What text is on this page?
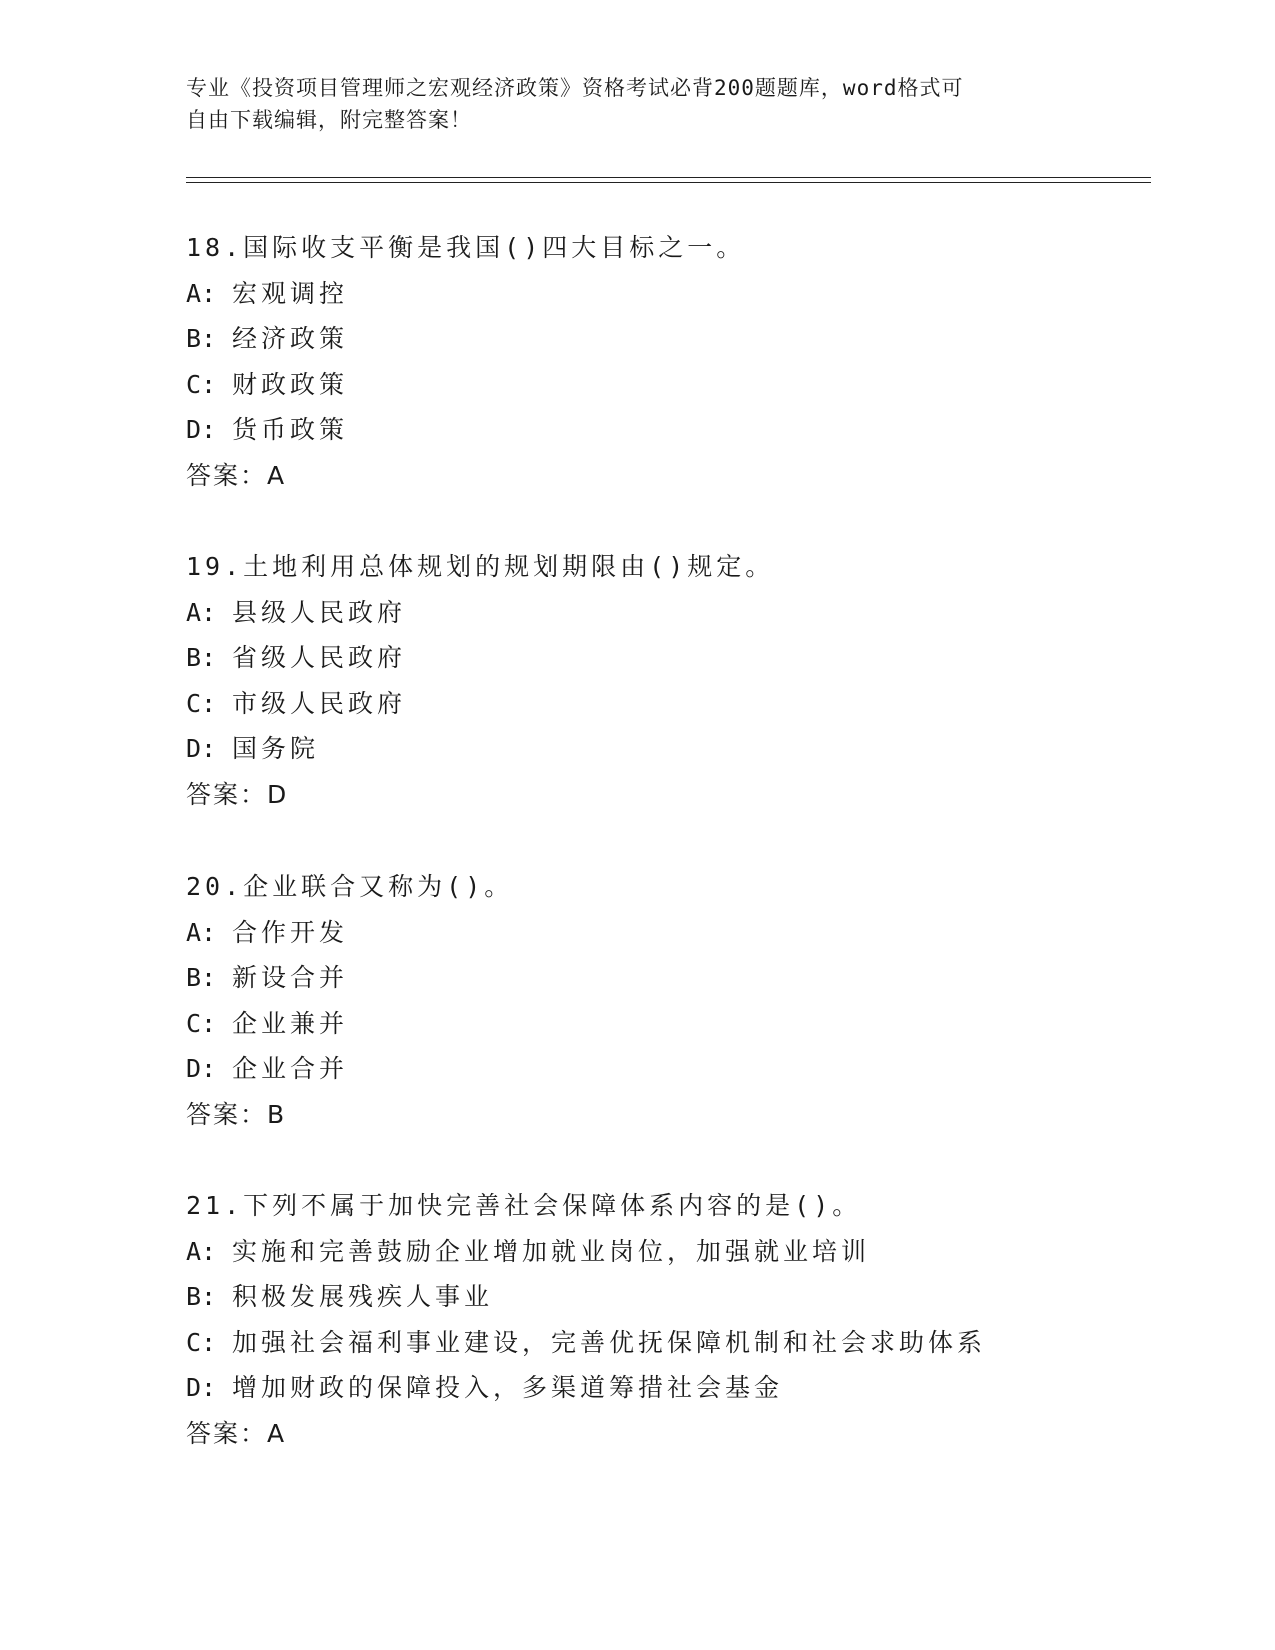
专业《投资项目管理师之宏观经济政策》资格考试必背200题题库，word格式可
自由下载编辑，附完整答案！
18.国际收支平衡是我国()四大目标之一。
A: 宏观调控
B: 经济政策
C: 财政政策
D: 货币政策
答案：A
19.土地利用总体规划的规划期限由()规定。
A: 县级人民政府
B: 省级人民政府
C: 市级人民政府
D: 国务院
答案：D
20.企业联合又称为()。
A: 合作开发
B: 新设合并
C: 企业兼并
D: 企业合并
答案：B
21.下列不属于加快完善社会保障体系内容的是()。
A: 实施和完善鼓励企业增加就业岗位，加强就业培训
B: 积极发展残疾人事业
C: 加强社会福利事业建设，完善优抚保障机制和社会求助体系
D: 增加财政的保障投入，多渠道筹措社会基金
答案：A
